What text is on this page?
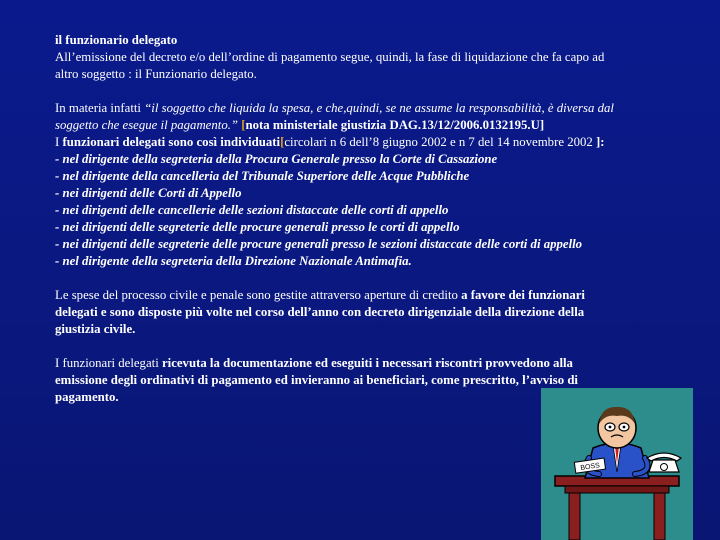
il funzionario delegato
All’emissione del decreto e/o dell’ordine di pagamento segue, quindi, la fase di liquidazione che fa capo ad
altro soggetto : il Funzionario delegato.
In materia infatti “il soggetto che liquida la spesa, e che,quindi, se ne assume la responsabilità, è diversa dal
soggetto che esegue il pagamento.” [nota ministeriale giustizia DAG.13/12/2006.0132195.U]
I funzionari delegati sono così individuati[circolari n 6 dell’8 giugno 2002 e n 7 del 14 novembre 2002 ]:
- nel dirigente della segreteria della Procura Generale presso la Corte di Cassazione
- nel dirigente della cancelleria del Tribunale Superiore delle Acque Pubbliche
- nei dirigenti delle Corti di Appello
- nei dirigenti delle cancellerie delle sezioni distaccate delle corti di appello
- nei dirigenti delle segreterie delle procure generali presso le corti di appello
- nei dirigenti delle segreterie delle procure generali presso le sezioni distaccate delle corti di appello
- nel dirigente della segreteria della Direzione Nazionale Antimafia.
Le spese del processo civile e penale sono gestite attraverso aperture di credito a favore dei funzionari
delegati e sono disposte più volte nel corso dell’anno con decreto dirigenziale della direzione della
giustizia civile.
I funzionari delegati ricevuta la documentazione ed eseguiti i necessari riscontri provvedono alla
emissione degli ordinativi di pagamento ed invieranno ai beneficiari, come prescritto, l’avviso di
pagamento.
BOSS
